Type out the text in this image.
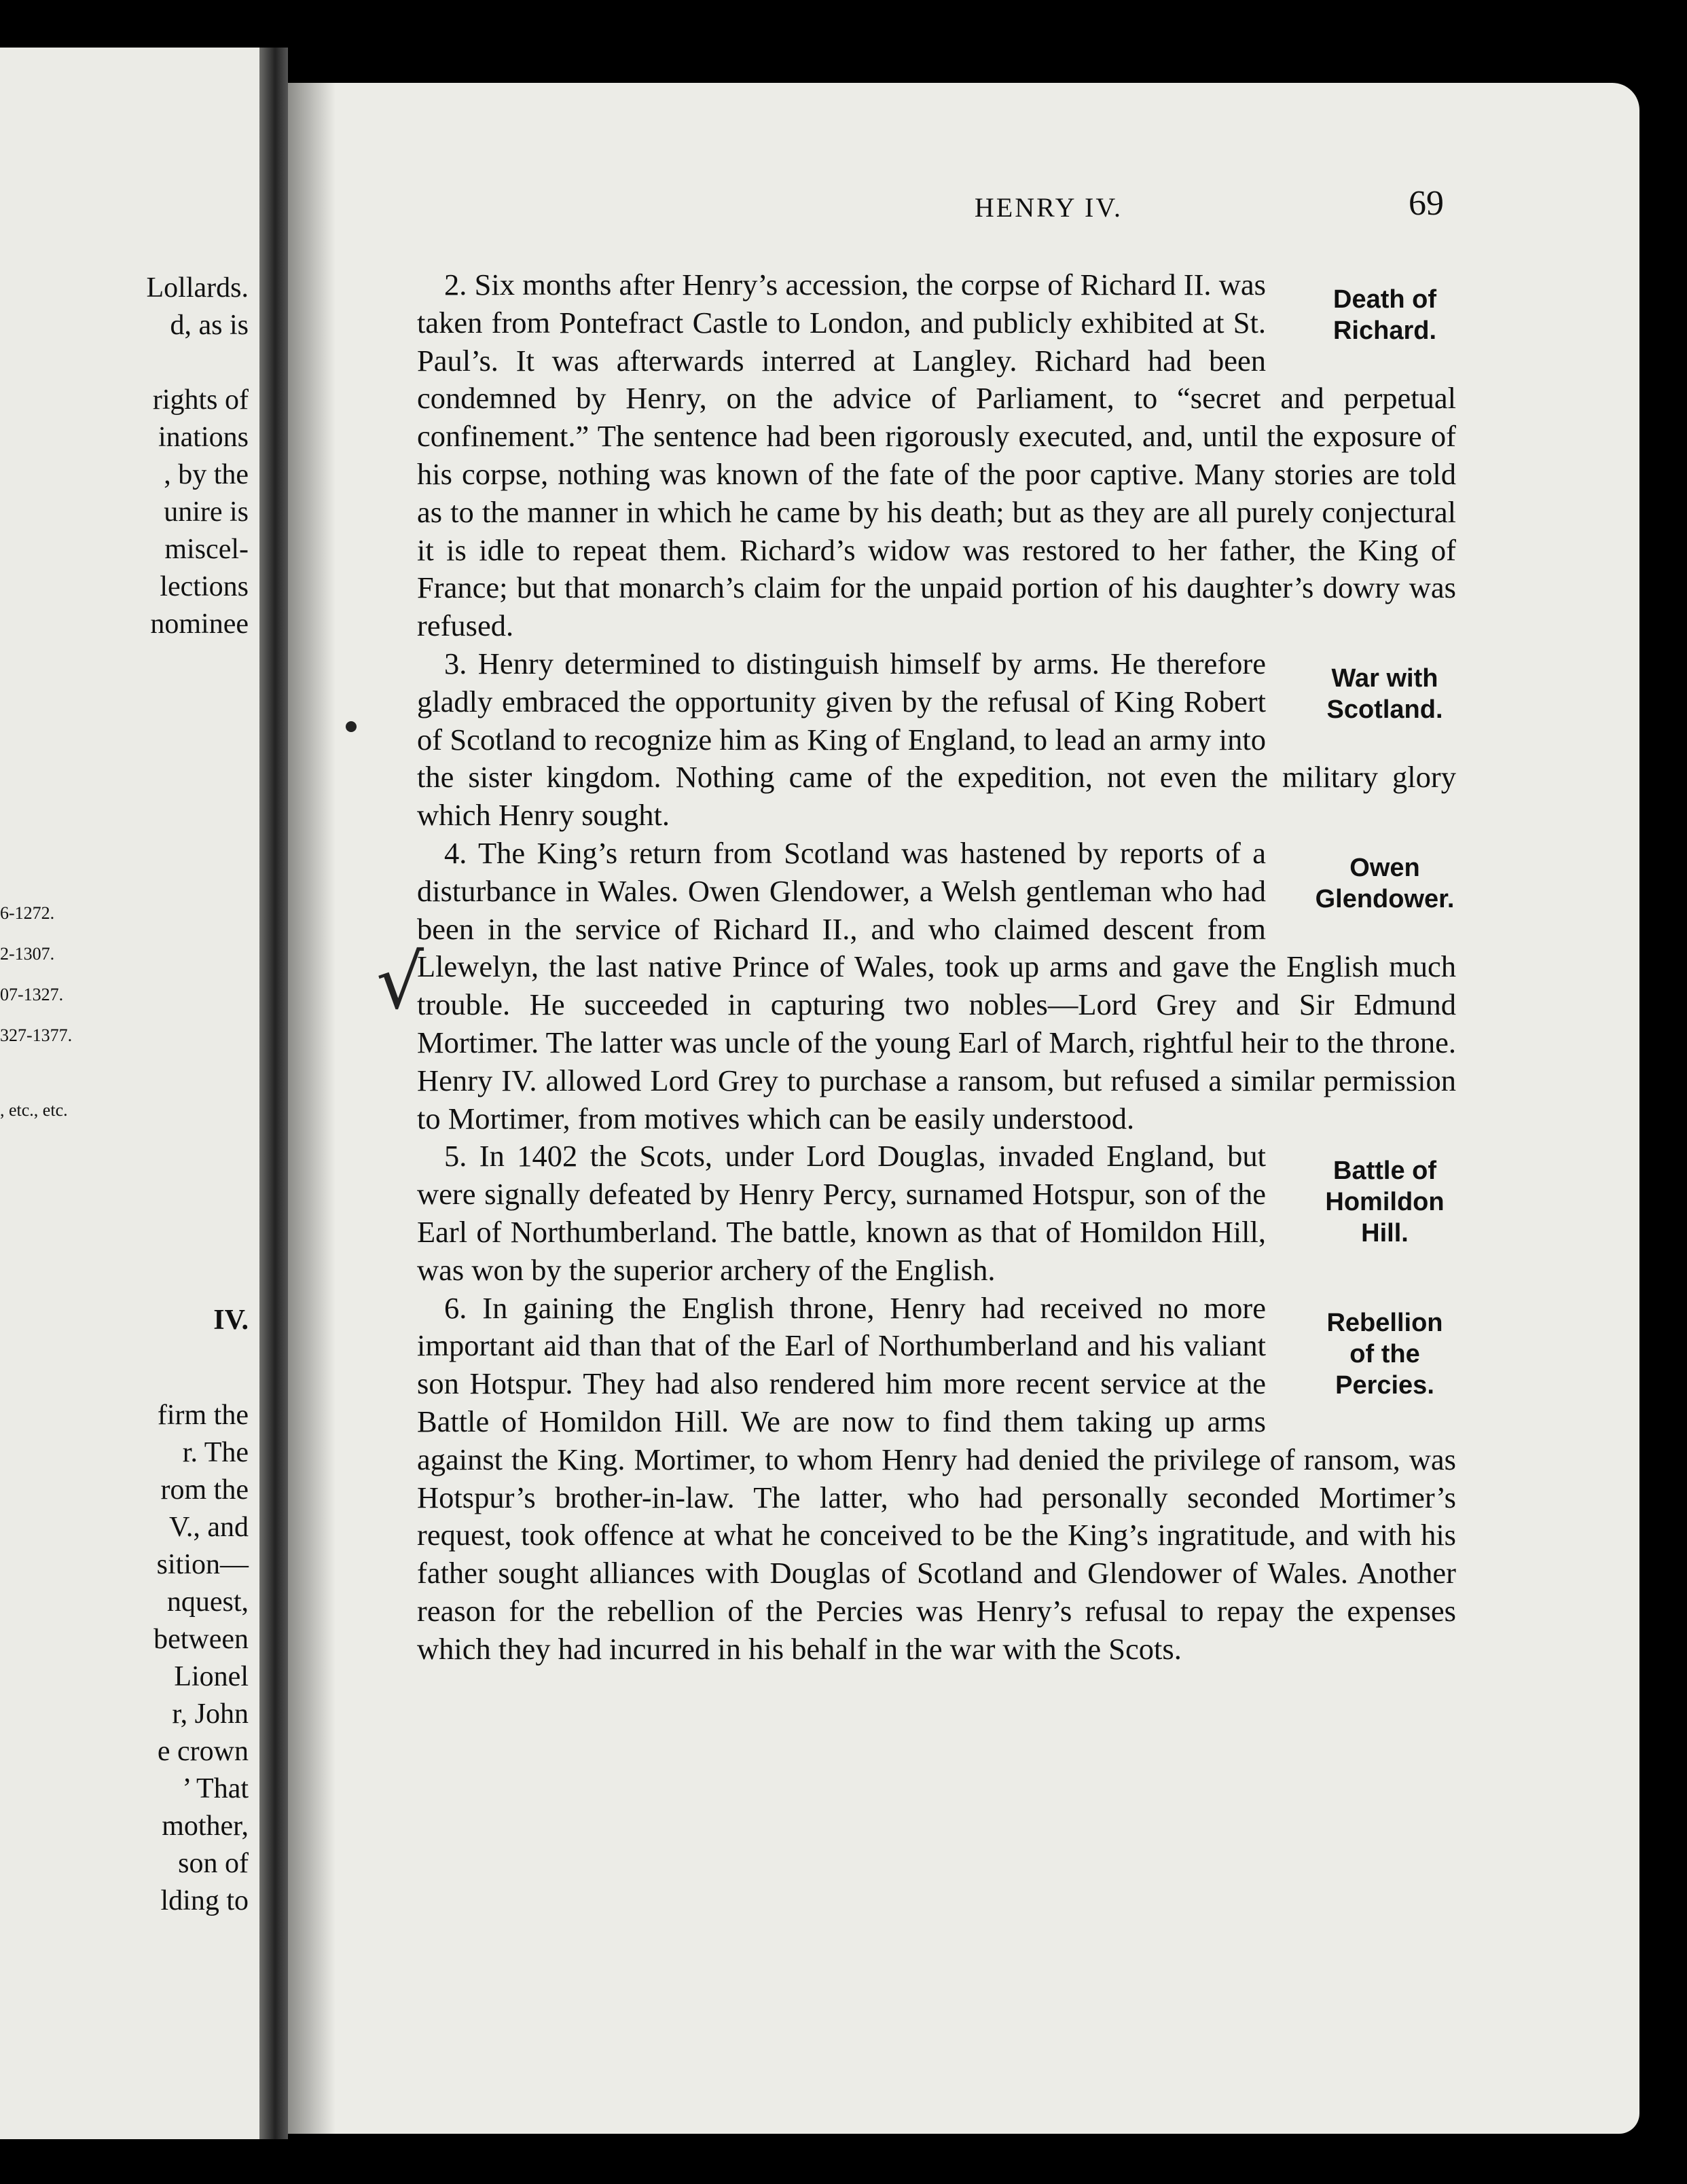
Lollards.
d, as is
rights of
inations
, by the
unire is
miscel-
lections
nominee
6-1272.
2-1307.
07-1327.
327-1377.
, etc., etc.
IV.
firm the
r. The
rom the
V., and
sition—
nquest,
between
Lionel
r, John
e crown
’ That
mother,
son of
lding to
HENRY IV.	69
√

Death of
Richard.
2. Six months after Henry’s accession, the corpse of Richard II. was taken from Pontefract Castle to London, and publicly exhibited at St. Paul’s. It was afterwards interred at Langley. Richard had been condemned by Henry, on the advice of Parliament, to “secret and perpetual confinement.” The sentence had been rigorously executed, and, until the exposure of his corpse, nothing was known of the fate of the poor captive. Many stories are told as to the manner in which he came by his death; but as they are all purely conjectural it is idle to repeat them. Richard’s widow was restored to her father, the King of France; but that monarch’s claim for the unpaid portion of his daughter’s dowry was refused.

War with
Scotland.
3. Henry determined to distinguish himself by arms. He therefore gladly embraced the opportunity given by the refusal of King Robert of Scotland to recognize him as King of England, to lead an army into the sister kingdom. Nothing came of the expedition, not even the military glory which Henry sought.

Owen
Glendower.
4. The King’s return from Scotland was hastened by reports of a disturbance in Wales. Owen Glendower, a Welsh gentleman who had been in the service of Richard II., and who claimed descent from Llewelyn, the last native Prince of Wales, took up arms and gave the English much trouble. He succeeded in capturing two nobles—Lord Grey and Sir Edmund Mortimer. The latter was uncle of the young Earl of March, rightful heir to the throne. Henry IV. allowed Lord Grey to purchase a ransom, but refused a similar permission to Mortimer, from motives which can be easily understood.

Battle of
Homildon
Hill.
5. In 1402 the Scots, under Lord Douglas, invaded England, but were signally defeated by Henry Percy, surnamed Hotspur, son of the Earl of Northumberland. The battle, known as that of Homildon Hill, was won by the superior archery of the English.

Rebellion
of the
Percies.
6. In gaining the English throne, Henry had received no more important aid than that of the Earl of Northumberland and his valiant son Hotspur. They had also rendered him more recent service at the Battle of Homildon Hill. We are now to find them taking up arms against the King. Mortimer, to whom Henry had denied the privilege of ransom, was Hotspur’s brother-in-law. The latter, who had personally seconded Mortimer’s request, took offence at what he conceived to be the King’s ingratitude, and with his father sought alliances with Douglas of Scotland and Glendower of Wales. Another reason for the rebellion of the Percies was Henry’s refusal to repay the expenses which they had incurred in his behalf in the war with the Scots.
